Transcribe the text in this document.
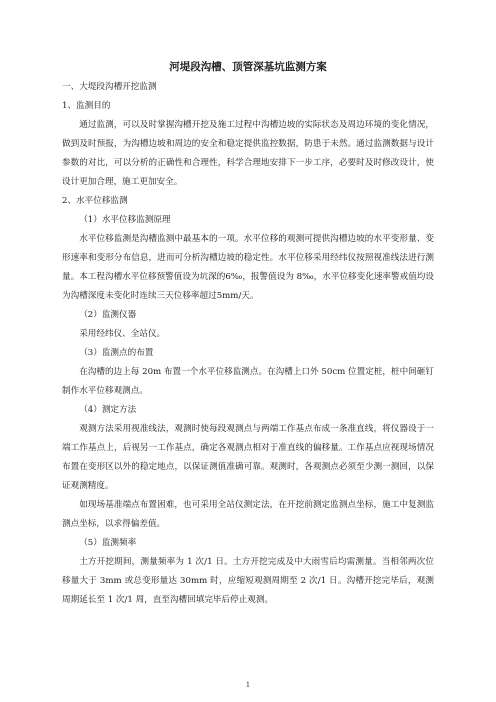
河堤段沟槽、顶管深基坑监测方案
一、大堤段沟槽开挖监测
1、监测目的

通过监测，可以及时掌握沟槽开挖及施工过程中沟槽边坡的实际状态及周边环境的变化情况，做到及时预报，为沟槽边坡和周边的安全和稳定提供监控数据，防患于未然。通过监测数据与设计参数的对比，可以分析的正确性和合理性，科学合理地安排下一步工序，必要时及时修改设计，使设计更加合理，施工更加安全。

2、水平位移监测
（1）水平位移监测原理

水平位移监测是沟槽监测中最基本的一项。水平位移的观测可提供沟槽边坡的水平变形量、变形速率和变形分布信息，进而可分析沟槽边坡的稳定性。水平位移采用经纬仪按照视准线法进行测量。本工程沟槽水平位移预警值设为坑深的6‰，报警值设为 8‰，水平位移变化速率警戒值均设为沟槽深度未变化时连续三天位移率超过5mm/天。

（2）监测仪器

采用经纬仪、全站仪。

（3）监测点的布置

在沟槽的边上每 20m 布置一个水平位移监测点。在沟槽上口外 50cm 位置定桩，桩中间砸钉制作水平位移观测点。

（4）测定方法

观测方法采用视准线法，观测时使每段观测点与两端工作基点布成一条准直线，将仪器设于一端工作基点上，后视另一工作基点，确定各观测点相对于准直线的偏移量。工作基点应视现场情况布置在变形区以外的稳定地点，以保证测值准确可靠。观测时，各观测点必须至少测一测回，以保证观测精度。

如现场基准端点布置困难，也可采用全站仪测定法，在开挖前测定监测点坐标，施工中复测监测点坐标，以求得偏差值。

（5）监测频率

土方开挖期间，测量频率为 1 次/1 日。土方开挖完成及中大雨雪后均需测量。当相邻两次位移量大于 3mm 或总变形量达 30mm 时，应缩短观测周期至 2 次/1 日。沟槽开挖完毕后，观测周期延长至 1 次/1 周，直至沟槽回填完毕后停止观测。

1
